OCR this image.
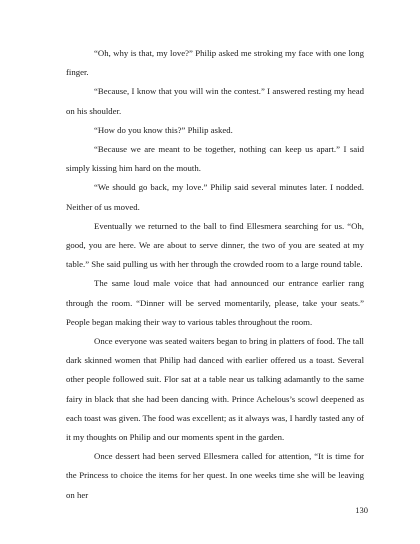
“Oh, why is that, my love?” Philip asked me stroking my face with one long finger.

“Because, I know that you will win the contest.” I answered resting my head on his shoulder.

“How do you know this?” Philip asked.

“Because we are meant to be together, nothing can keep us apart.” I said simply kissing him hard on the mouth.

“We should go back, my love.” Philip said several minutes later. I nodded. Neither of us moved.

Eventually we returned to the ball to find Ellesmera searching for us. “Oh, good, you are here. We are about to serve dinner, the two of you are seated at my table.” She said pulling us with her through the crowded room to a large round table.

The same loud male voice that had announced our entrance earlier rang through the room. “Dinner will be served momentarily, please, take your seats.” People began making their way to various tables throughout the room.

Once everyone was seated waiters began to bring in platters of food. The tall dark skinned women that Philip had danced with earlier offered us a toast. Several other people followed suit. Flor sat at a table near us talking adamantly to the same fairy in black that she had been dancing with. Prince Achelous’s scowl deepened as each toast was given. The food was excellent; as it always was, I hardly tasted any of it my thoughts on Philip and our moments spent in the garden.

Once dessert had been served Ellesmera called for attention, “It is time for the Princess to choice the items for her quest. In one weeks time she will be leaving on her

130
